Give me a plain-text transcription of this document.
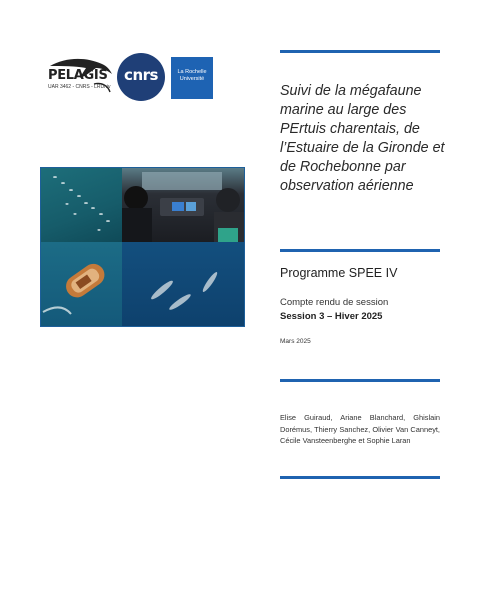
PELAGIS
UAR 3462 - CNRS - LRUniv
cnrs	La Rochelle
Université
Suivi de la mégafaune marine au large des PErtuis charentais, de l’Estuaire de la Gironde et de Rochebonne par observation aérienne
Programme SPEE IV
Compte rendu de session
Session 3 – Hiver 2025
Mars 2025
Elise Guiraud, Ariane Blanchard, Ghislain Dorémus, Thierry Sanchez, Olivier Van Canneyt, Cécile Vansteenberghe et Sophie Laran
